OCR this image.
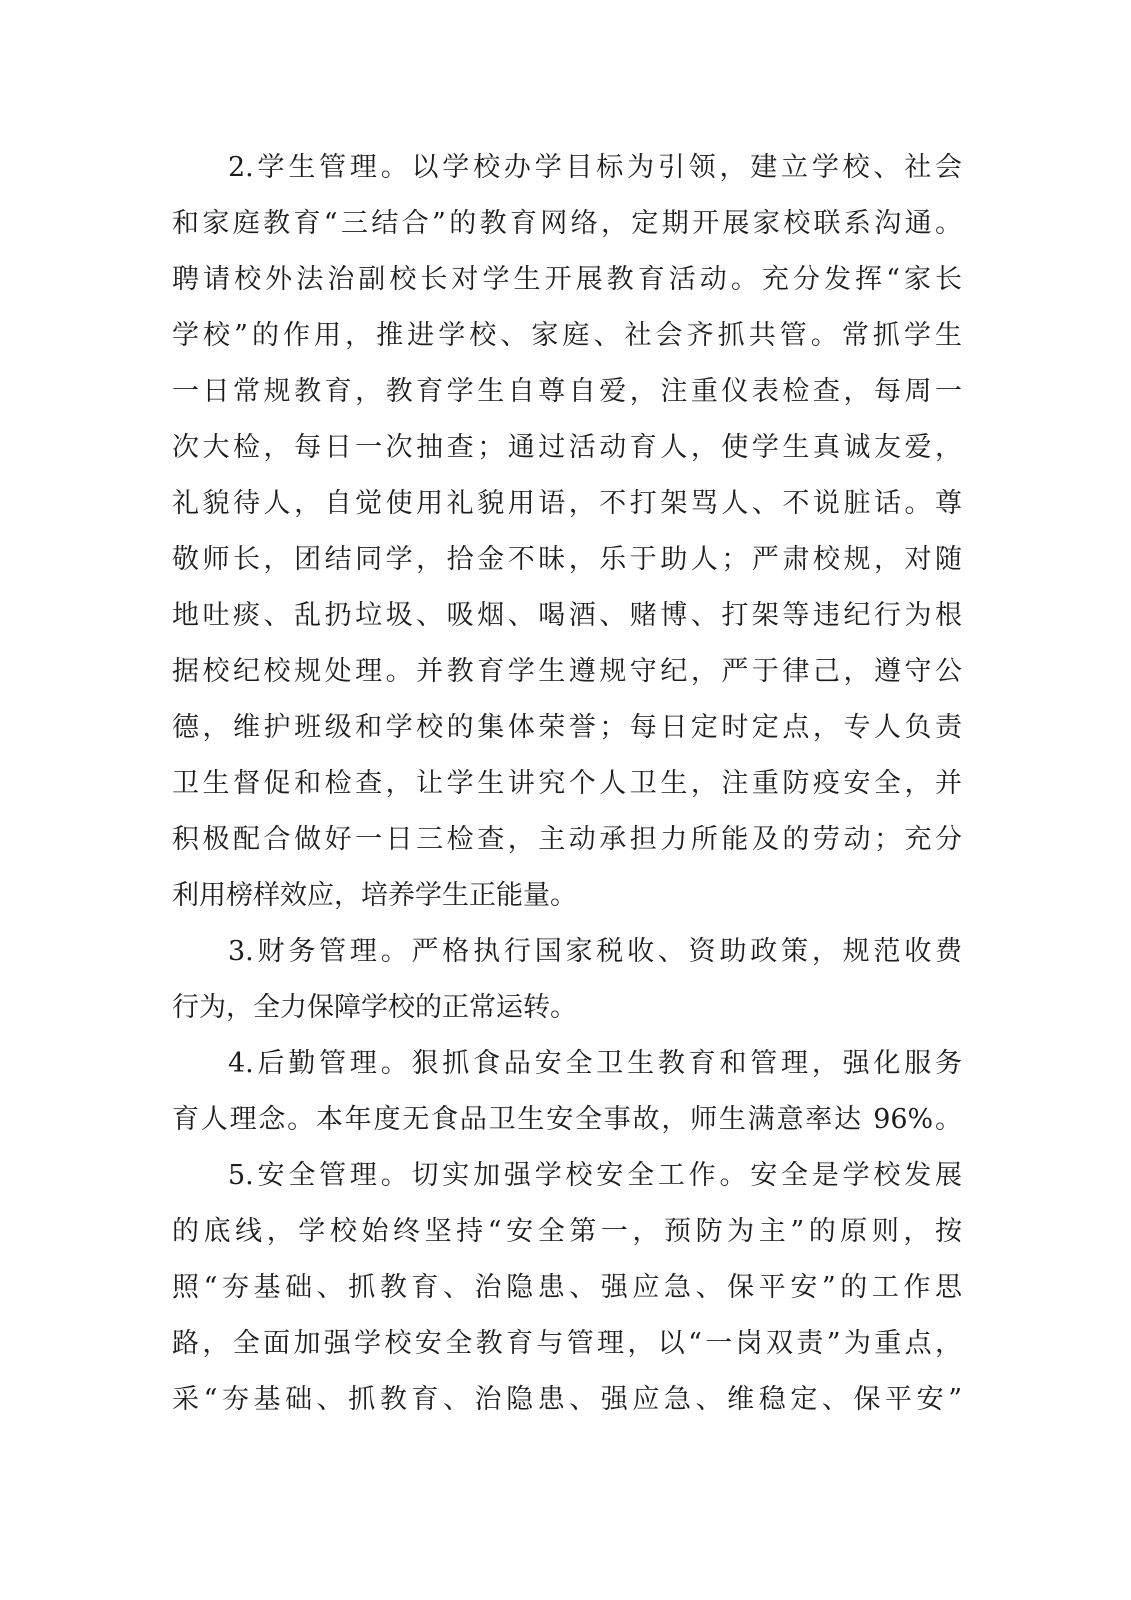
2.学生管理。以学校办学目标为引领，建立学校、社会
和家庭教育“三结合”的教育网络，定期开展家校联系沟通。
聘请校外法治副校长对学生开展教育活动。充分发挥“家长
学校”的作用，推进学校、家庭、社会齐抓共管。常抓学生
一日常规教育，教育学生自尊自爱，注重仪表检查，每周一
次大检，每日一次抽查；通过活动育人，使学生真诚友爱，
礼貌待人，自觉使用礼貌用语，不打架骂人、不说脏话。尊
敬师长，团结同学，拾金不昧，乐于助人；严肃校规，对随
地吐痰、乱扔垃圾、吸烟、喝酒、赌博、打架等违纪行为根
据校纪校规处理。并教育学生遵规守纪，严于律己，遵守公
德，维护班级和学校的集体荣誉；每日定时定点，专人负责
卫生督促和检查，让学生讲究个人卫生，注重防疫安全，并
积极配合做好一日三检查，主动承担力所能及的劳动；充分
利用榜样效应，培养学生正能量。
3.财务管理。严格执行国家税收、资助政策，规范收费
行为，全力保障学校的正常运转。
4.后勤管理。狠抓食品安全卫生教育和管理，强化服务
育人理念。本年度无食品卫生安全事故，师生满意率达 96%。
5.安全管理。切实加强学校安全工作。安全是学校发展
的底线，学校始终坚持“安全第一，预防为主”的原则，按
照“夯基础、抓教育、治隐患、强应急、保平安”的工作思
路，全面加强学校安全教育与管理，以“一岗双责”为重点，
采“夯基础、抓教育、治隐患、强应急、维稳定、保平安”
